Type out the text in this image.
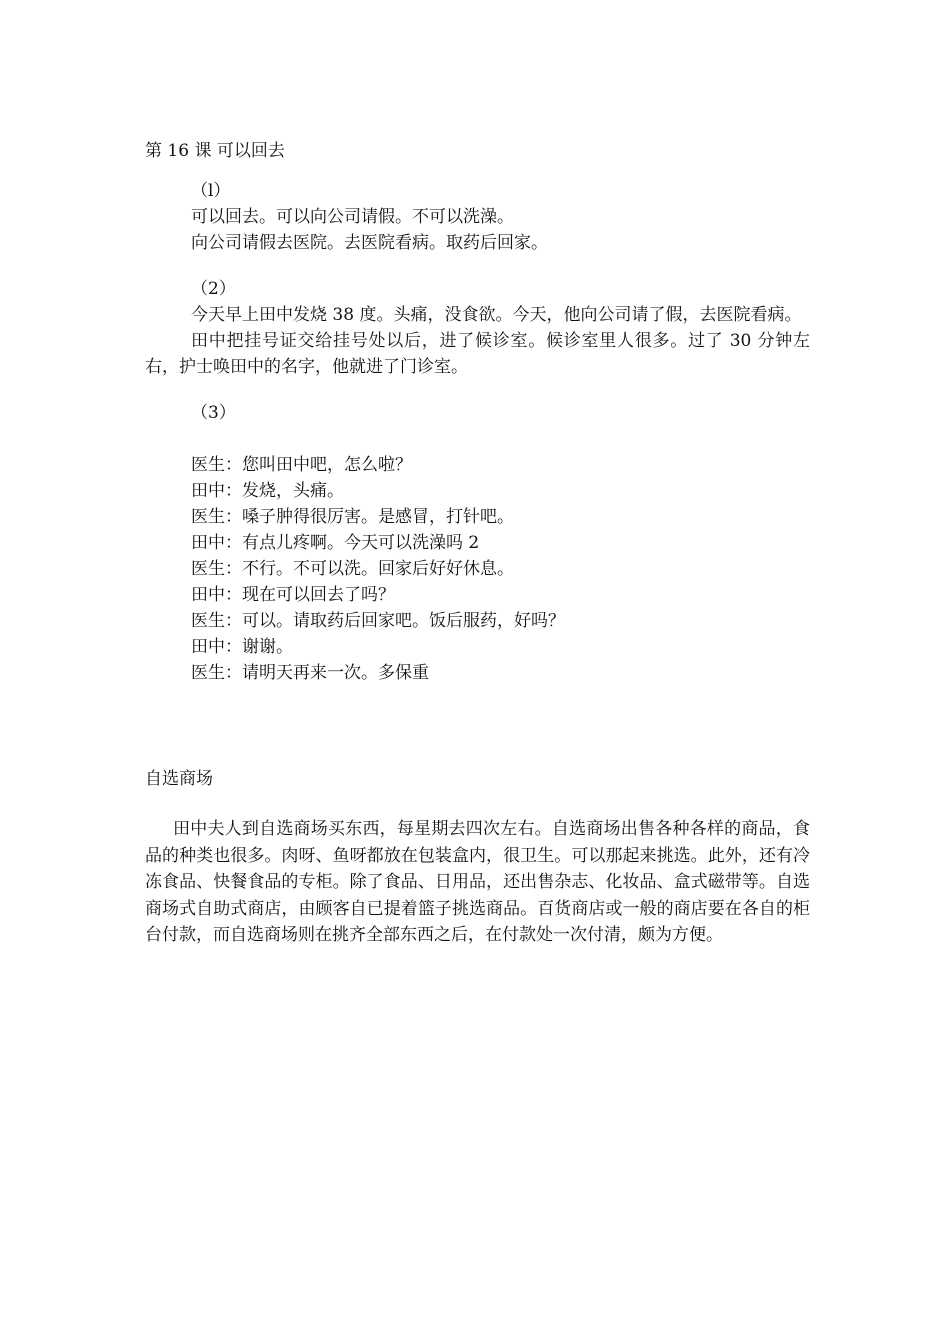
第 16 课 可以回去
（l）
可以回去。可以向公司请假。不可以洗澡。
向公司请假去医院。去医院看病。取药后回家。
（2）

今天早上田中发烧 38 度。头痛，没食欲。今天，他向公司请了假，去医院看病。

田中把挂号证交给挂号处以后，进了候诊室。候诊室里人很多。过了 30 分钟左右，护士唤田中的名字，他就进了门诊室。

（3）
医生：您叫田中吧，怎么啦？
田中：发烧，头痛。
医生：嗓子肿得很厉害。是感冒，打针吧。
田中：有点儿疼啊。今天可以洗澡吗 2
医生：不行。不可以洗。回家后好好休息。
田中：现在可以回去了吗？
医生：可以。请取药后回家吧。饭后服药，好吗？
田中：谢谢。
医生：请明天再来一次。多保重
自选商场

田中夫人到自选商场买东西，每星期去四次左右。自选商场出售各种各样的商品，食品的种类也很多。肉呀、鱼呀都放在包装盒内，很卫生。可以那起来挑选。此外，还有冷冻食品、快餐食品的专柜。除了食品、日用品，还出售杂志、化妆品、盒式磁带等。自选商场式自助式商店，由顾客自已提着篮子挑选商品。百货商店或一般的商店要在各自的柜台付款，而自选商场则在挑齐全部东西之后，在付款处一次付清，颇为方便。
